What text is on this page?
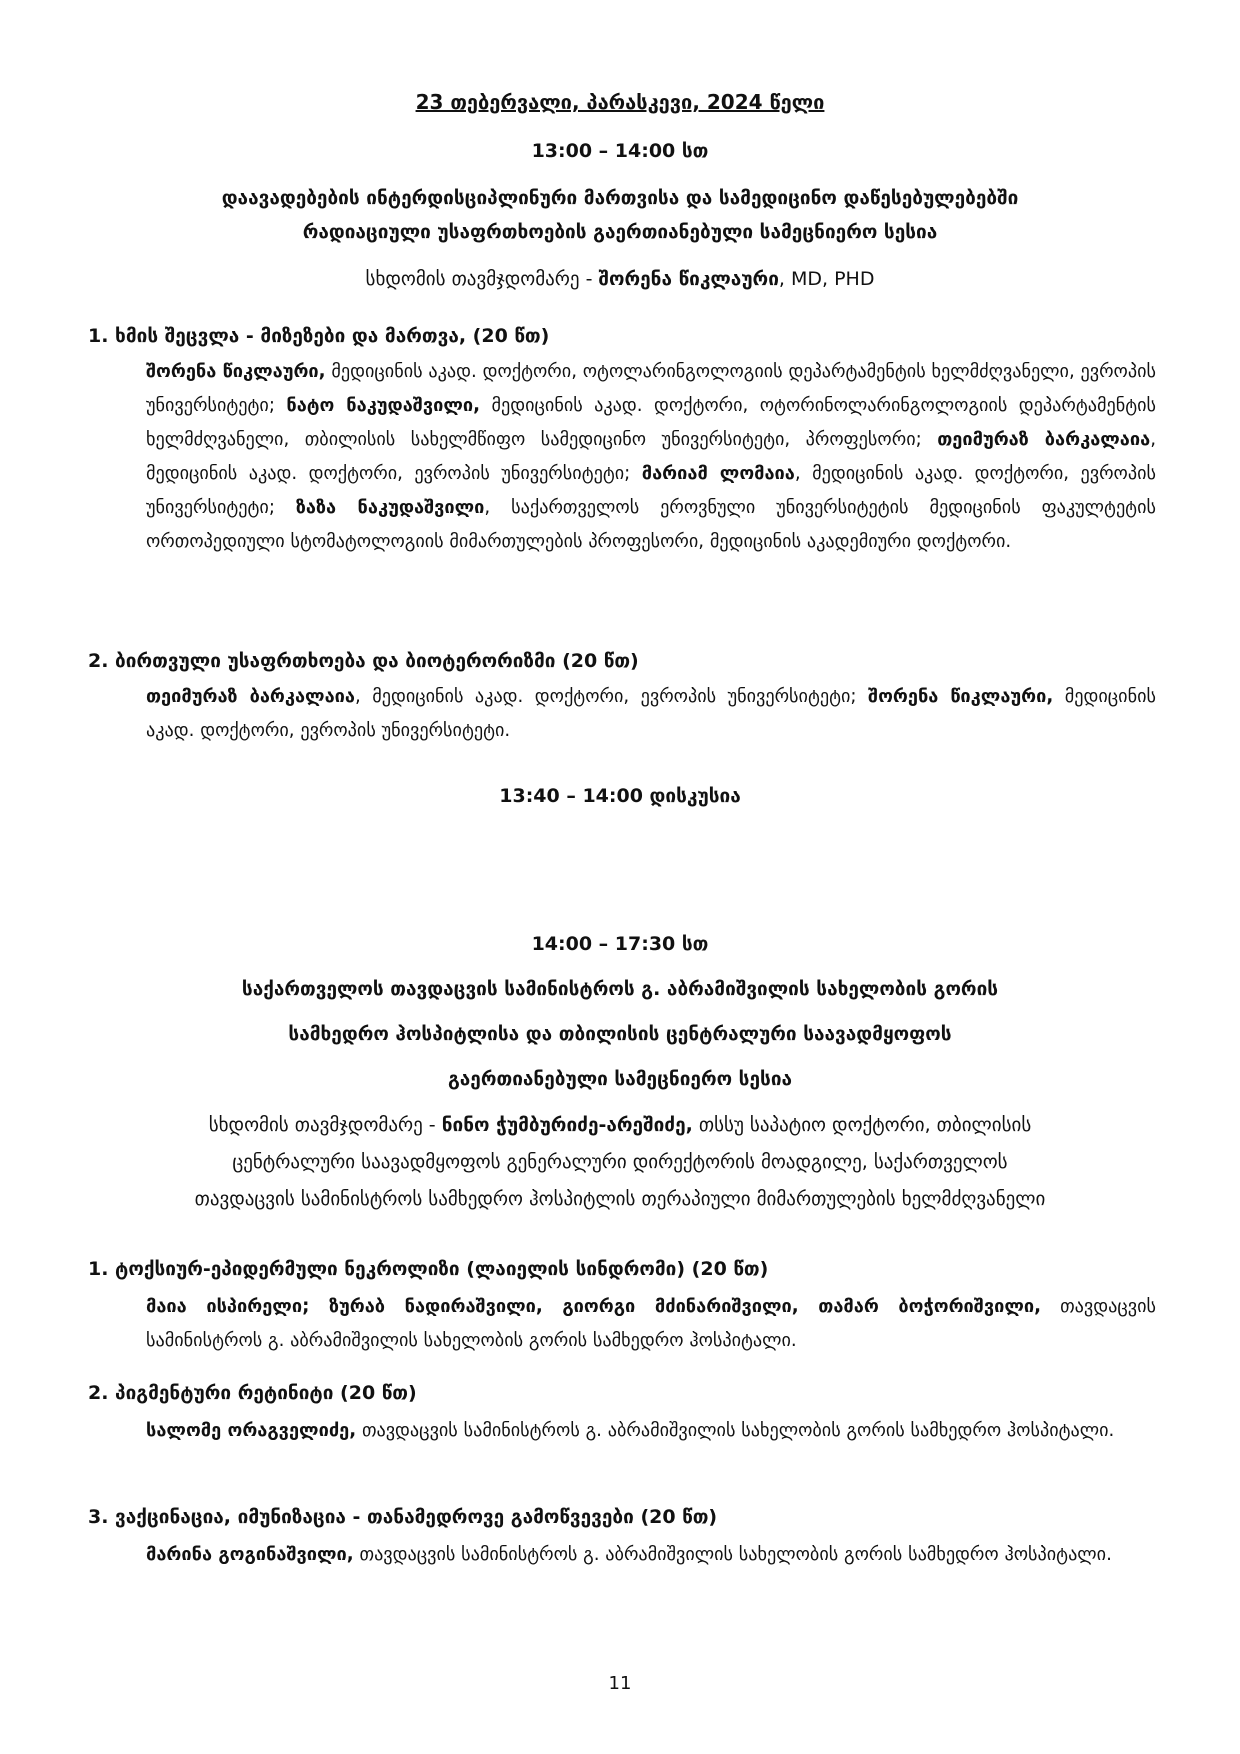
23 თებერვალი, პარასკევი, 2024 წელი
13:00 – 14:00 სთ
დაავადებების ინტერდისციპლინური მართვისა და სამედიცინო დაწესებულებებში
რადიაციული უსაფრთხოების გაერთიანებული სამეცნიერო სესია
სხდომის თავმჯდომარე - შორენა წიკლაური, MD, PHD
1. ხმის შეცვლა - მიზეზები და მართვა, (20 წთ)
შორენა წიკლაური, მედიცინის აკად. დოქტორი, ოტოლარინგოლოგიის დეპარტამენტის ხელმძღვანელი, ევროპის უნივერსიტეტი; ნატო ნაკუდაშვილი, მედიცინის აკად. დოქტორი, ოტორინოლარინგოლოგიის დეპარტამენტის ხელმძღვანელი, თბილისის სახელმწიფო სამედიცინო უნივერსიტეტი, პროფესორი; თეიმურაზ ბარკალაია, მედიცინის აკად. დოქტორი, ევროპის უნივერსიტეტი; მარიამ ლომაია, მედიცინის აკად. დოქტორი, ევროპის უნივერსიტეტი; ზაზა ნაკუდაშვილი, საქართველოს ეროვნული უნივერსიტეტის მედიცინის ფაკულტეტის ორთოპედიული სტომატოლოგიის მიმართულების პროფესორი, მედიცინის აკადემიური დოქტორი.
2. ბირთვული უსაფრთხოება და ბიოტერორიზმი (20 წთ)
თეიმურაზ ბარკალაია, მედიცინის აკად. დოქტორი, ევროპის უნივერსიტეტი; შორენა წიკლაური, მედიცინის აკად. დოქტორი, ევროპის უნივერსიტეტი.
13:40 – 14:00 დისკუსია
14:00 – 17:30 სთ
საქართველოს თავდაცვის სამინისტროს გ. აბრამიშვილის სახელობის გორის
სამხედრო ჰოსპიტლისა და თბილისის ცენტრალური საავადმყოფოს
გაერთიანებული სამეცნიერო სესია
სხდომის თავმჯდომარე - ნინო ჭუმბურიძე-არეშიძე, თსსუ საპატიო დოქტორი, თბილისის
ცენტრალური საავადმყოფოს გენერალური დირექტორის მოადგილე, საქართველოს
თავდაცვის სამინისტროს სამხედრო ჰოსპიტლის თერაპიული მიმართულების ხელმძღვანელი
1. ტოქსიურ-ეპიდერმული ნეკროლიზი (ლაიელის სინდრომი) (20 წთ)
მაია ისპირელი; ზურაბ ნადირაშვილი, გიორგი მძინარიშვილი, თამარ ბოჭორიშვილი, თავდაცვის სამინისტროს გ. აბრამიშვილის სახელობის გორის სამხედრო ჰოსპიტალი.
2. პიგმენტური რეტინიტი (20 წთ)
სალომე ორაგველიძე, თავდაცვის სამინისტროს გ. აბრამიშვილის სახელობის გორის სამხედრო ჰოსპიტალი.
3. ვაქცინაცია, იმუნიზაცია - თანამედროვე გამოწვევები (20 წთ)
მარინა გოგინაშვილი, თავდაცვის სამინისტროს გ. აბრამიშვილის სახელობის გორის სამხედრო ჰოსპიტალი.
11
